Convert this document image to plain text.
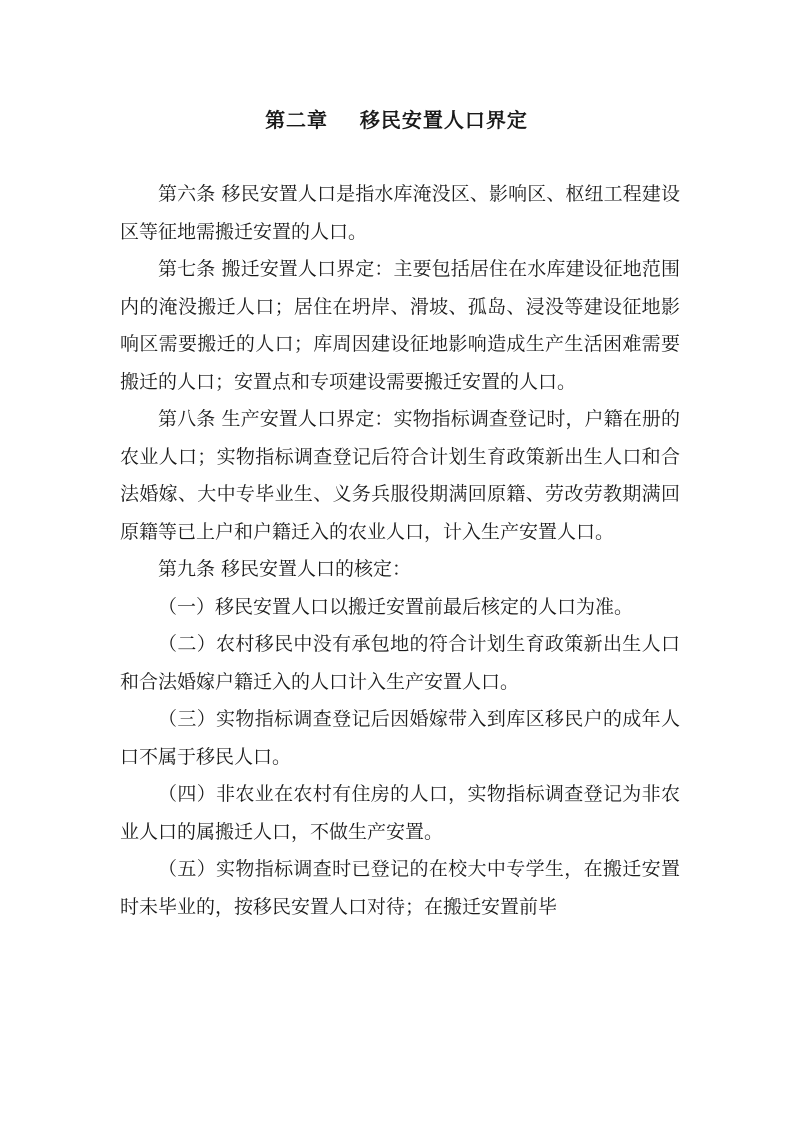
第二章    移民安置人口界定

第六条 移民安置人口是指水库淹没区、影响区、枢纽工程建设区等征地需搬迁安置的人口。

第七条 搬迁安置人口界定：主要包括居住在水库建设征地范围内的淹没搬迁人口；居住在坍岸、滑坡、孤岛、浸没等建设征地影响区需要搬迁的人口；库周因建设征地影响造成生产生活困难需要搬迁的人口；安置点和专项建设需要搬迁安置的人口。

第八条 生产安置人口界定：实物指标调查登记时，户籍在册的农业人口；实物指标调查登记后符合计划生育政策新出生人口和合法婚嫁、大中专毕业生、义务兵服役期满回原籍、劳改劳教期满回原籍等已上户和户籍迁入的农业人口，计入生产安置人口。

第九条 移民安置人口的核定：

（一）移民安置人口以搬迁安置前最后核定的人口为准。

（二）农村移民中没有承包地的符合计划生育政策新出生人口和合法婚嫁户籍迁入的人口计入生产安置人口。

（三）实物指标调查登记后因婚嫁带入到库区移民户的成年人口不属于移民人口。

（四）非农业在农村有住房的人口，实物指标调查登记为非农业人口的属搬迁人口，不做生产安置。

（五）实物指标调查时已登记的在校大中专学生，在搬迁安置时未毕业的，按移民安置人口对待；在搬迁安置前毕
